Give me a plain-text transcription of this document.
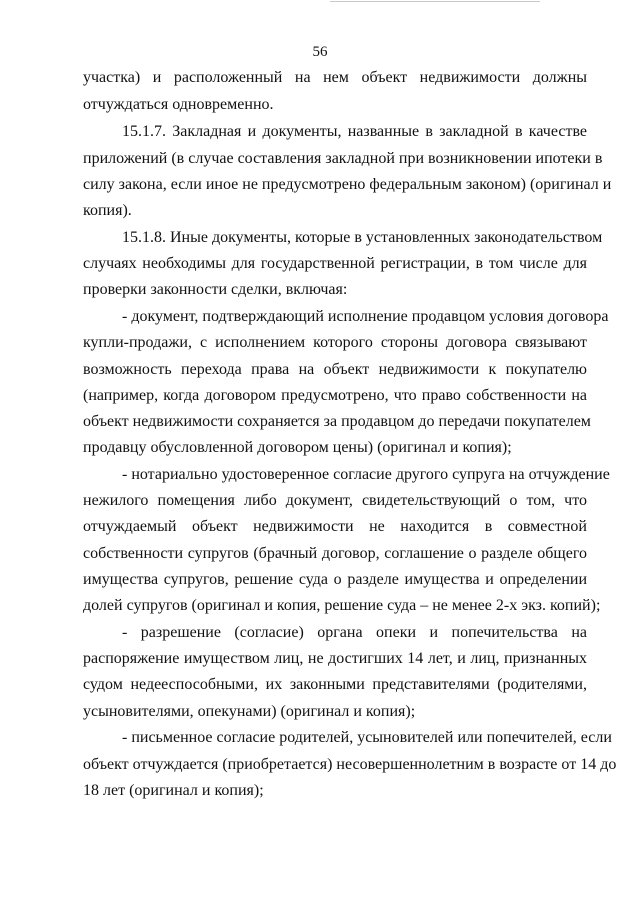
56
участка) и расположенный на нем объект недвижимости должны
отчуждаться одновременно.
15.1.7. Закладная и документы, названные в закладной в качестве
приложений (в случае составления закладной при возникновении ипотеки в
силу закона, если иное не предусмотрено федеральным законом) (оригинал и
копия).
15.1.8. Иные документы, которые в установленных законодательством
случаях необходимы для государственной регистрации, в том числе для
проверки законности сделки, включая:
- документ, подтверждающий исполнение продавцом условия договора
купли-продажи, с исполнением которого стороны договора связывают
возможность перехода права на объект недвижимости к покупателю
(например, когда договором предусмотрено, что право собственности на
объект недвижимости сохраняется за продавцом до передачи покупателем
продавцу обусловленной договором цены) (оригинал и копия);
- нотариально удостоверенное согласие другого супруга на отчуждение
нежилого помещения либо документ, свидетельствующий о том, что
отчуждаемый объект недвижимости не находится в совместной
собственности супругов (брачный договор, соглашение о разделе общего
имущества супругов, решение суда о разделе имущества и определении
долей супругов (оригинал и копия, решение суда – не менее 2-х экз. копий);
- разрешение (согласие) органа опеки и попечительства на
распоряжение имуществом лиц, не достигших 14 лет, и лиц, признанных
судом недееспособными, их законными представителями (родителями,
усыновителями, опекунами) (оригинал и копия);
- письменное согласие родителей, усыновителей или попечителей, если
объект отчуждается (приобретается) несовершеннолетним в возрасте от 14 до
18 лет (оригинал и копия);
